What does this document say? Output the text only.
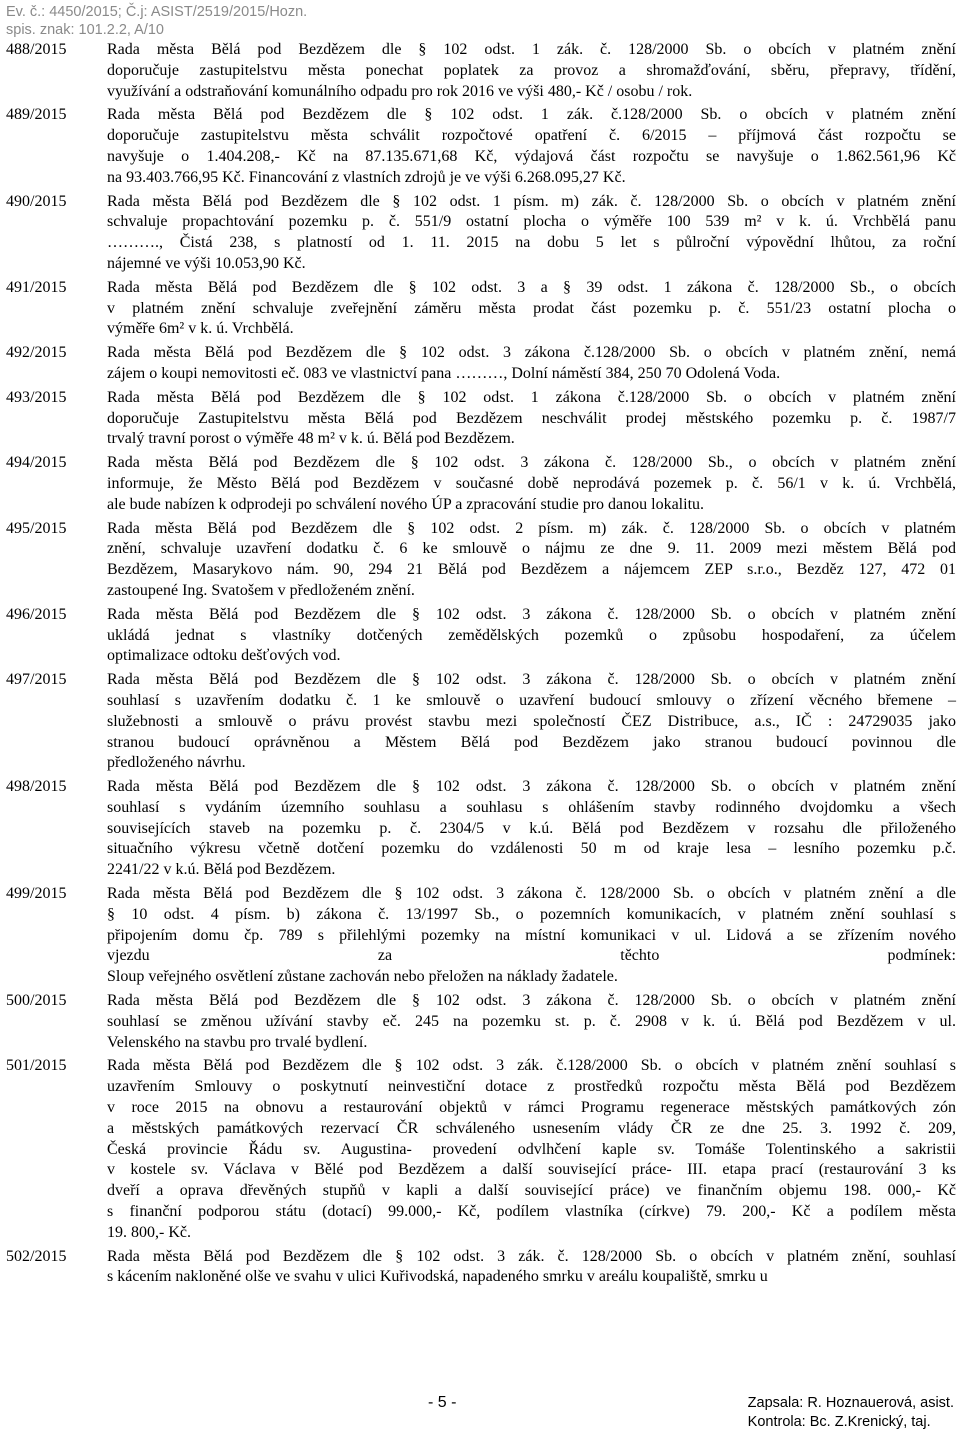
Ev. č.: 4450/2015; Č.j: ASIST/2519/2015/Hozn.
spis. znak: 101.2.2, A/10
488/2015	Rada města Bělá pod Bezdězem dle § 102 odst. 1 zák. č. 128/2000 Sb. o obcích v platném znění
doporučuje zastupitelstvu města ponechat poplatek za provoz a shromažďování, sběru, přepravy, třídění,
využívání a odstraňování komunálního odpadu pro rok 2016 ve výši 480,- Kč / osobu / rok.
489/2015	Rada města Bělá pod Bezdězem dle § 102 odst. 1 zák. č.128/2000 Sb. o obcích v platném znění
doporučuje zastupitelstvu města schválit rozpočtové opatření č. 6/2015 – příjmová část rozpočtu se
navyšuje o 1.404.208,- Kč na 87.135.671,68 Kč, výdajová část rozpočtu se navyšuje o 1.862.561,96 Kč
na 93.403.766,95 Kč. Financování z vlastních zdrojů je ve výši 6.268.095,27 Kč.
490/2015	Rada města Bělá pod Bezdězem dle § 102 odst. 1 písm. m) zák. č. 128/2000 Sb. o obcích v platném znění
schvaluje propachtování pozemku p. č. 551/9 ostatní plocha o výměře 100 539 m² v k. ú. Vrchbělá panu
………., Čistá 238, s platností od 1. 11. 2015 na dobu 5 let s půlroční výpovědní lhůtou, za roční
nájemné ve výši 10.053,90 Kč.
491/2015	Rada města Bělá pod Bezdězem dle § 102 odst. 3 a § 39 odst. 1 zákona č. 128/2000 Sb., o obcích
v platném znění schvaluje zveřejnění záměru města prodat část pozemku p. č. 551/23 ostatní plocha o
výměře 6m² v k. ú. Vrchbělá.
492/2015	Rada města Bělá pod Bezdězem dle § 102 odst. 3 zákona č.128/2000 Sb. o obcích v platném znění, nemá
zájem o koupi nemovitosti eč. 083 ve vlastnictví pana ………, Dolní náměstí 384, 250 70 Odolená Voda.
493/2015	Rada města Bělá pod Bezdězem dle § 102 odst. 1 zákona č.128/2000 Sb. o obcích v platném znění
doporučuje Zastupitelstvu města Bělá pod Bezdězem neschválit prodej městského pozemku p. č. 1987/7
trvalý travní porost o výměře 48 m² v k. ú. Bělá pod Bezdězem.
494/2015	Rada města Bělá pod Bezdězem dle § 102 odst. 3 zákona č. 128/2000 Sb., o obcích v platném znění
informuje, že Město Bělá pod Bezdězem v současné době neprodává pozemek p. č. 56/1 v k. ú. Vrchbělá,
ale bude nabízen k odprodeji po schválení nového ÚP a zpracování studie pro danou lokalitu.
495/2015	Rada města Bělá pod Bezdězem dle § 102 odst. 2 písm. m) zák. č. 128/2000 Sb. o obcích v platném
znění, schvaluje uzavření dodatku č. 6 ke smlouvě o nájmu ze dne 9. 11. 2009 mezi městem Bělá pod
Bezdězem, Masarykovo nám. 90, 294 21 Bělá pod Bezdězem a nájemcem ZEP s.r.o., Bezděz 127, 472 01
zastoupené Ing. Svatošem v předloženém znění.
496/2015	Rada města Bělá pod Bezdězem dle § 102 odst. 3 zákona č. 128/2000 Sb. o obcích v platném znění
ukládá jednat s vlastníky dotčených zemědělských pozemků o způsobu hospodaření, za účelem
optimalizace odtoku dešťových vod.
497/2015	Rada města Bělá pod Bezdězem dle § 102 odst. 3 zákona č. 128/2000 Sb. o obcích v platném znění
souhlasí s uzavřením dodatku č. 1 ke smlouvě o uzavření budoucí smlouvy o zřízení věcného břemene –
služebnosti a smlouvě o právu provést stavbu mezi společností ČEZ Distribuce, a.s., IČ : 24729035 jako
stranou budoucí oprávněnou a Městem Bělá pod Bezdězem jako stranou budoucí povinnou dle
předloženého návrhu.
498/2015	Rada města Bělá pod Bezdězem dle § 102 odst. 3 zákona č. 128/2000 Sb. o obcích v platném znění
souhlasí s vydáním územního souhlasu a souhlasu s ohlášením stavby rodinného dvojdomku a všech
souvisejících staveb na pozemku p. č. 2304/5 v k.ú. Bělá pod Bezdězem v rozsahu dle přiloženého
situačního výkresu včetně dotčení pozemku do vzdálenosti 50 m od kraje lesa – lesního pozemku p.č.
2241/22 v k.ú. Bělá pod Bezdězem.
499/2015	Rada města Bělá pod Bezdězem dle § 102 odst. 3 zákona č. 128/2000 Sb. o obcích v platném znění a dle
§ 10 odst. 4 písm. b) zákona č. 13/1997 Sb., o pozemních komunikacích, v platném znění souhlasí s
připojením domu čp. 789 s přilehlými pozemky na místní komunikaci v ul. Lidová a se zřízením nového
vjezdu za těchto podmínek:
Sloup veřejného osvětlení zůstane zachován nebo přeložen na náklady žadatele.
500/2015	Rada města Bělá pod Bezdězem dle § 102 odst. 3 zákona č. 128/2000 Sb. o obcích v platném znění
souhlasí se změnou užívání stavby eč. 245 na pozemku st. p. č. 2908 v k. ú. Bělá pod Bezdězem v ul.
Velenského na stavbu pro trvalé bydlení.
501/2015	Rada města Bělá pod Bezdězem dle § 102 odst. 3 zák. č.128/2000 Sb. o obcích v platném znění souhlasí s
uzavřením Smlouvy o poskytnutí neinvestiční dotace z prostředků rozpočtu města Bělá pod Bezdězem
v roce 2015 na obnovu a restaurování objektů v rámci Programu regenerace městských památkových zón
a městských památkových rezervací ČR schváleného usnesením vlády ČR ze dne 25. 3. 1992 č. 209,
Česká provincie Řádu sv. Augustina- provedení odvlhčení kaple sv. Tomáše Tolentinského a sakristii
v kostele sv. Václava v Bělé pod Bezdězem a další související práce- III. etapa prací (restaurování 3 ks
dveří a oprava dřevěných stupňů v kapli a další související práce) ve finančním objemu 198. 000,- Kč
s finanční podporou státu (dotací) 99.000,- Kč, podílem vlastníka (církve) 79. 200,- Kč a podílem města
19. 800,- Kč.
502/2015	Rada města Bělá pod Bezdězem dle § 102 odst. 3 zák. č. 128/2000 Sb. o obcích v platném znění, souhlasí
s kácením nakloněné olše ve svahu v ulici Kuřivodská, napadeného smrku v areálu koupaliště, smrku u
- 5 -	Zapsala: R. Hoznauerová, asist.
Kontrola: Bc. Z.Krenický, taj.
